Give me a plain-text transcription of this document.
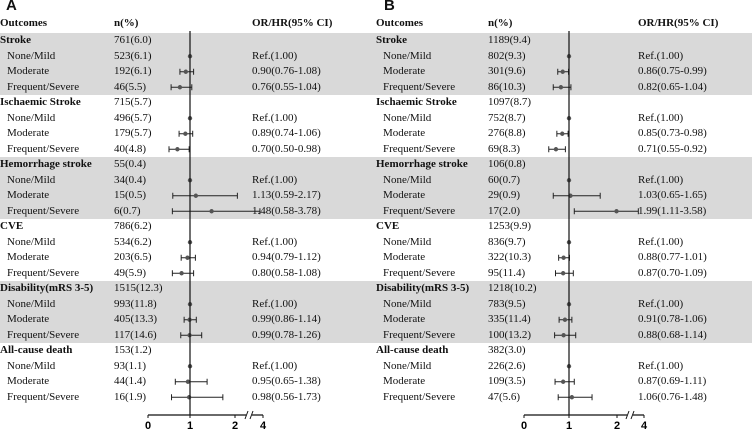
A
Outcomes	n(%)	OR/HR(95% CI)
Stroke	761(6.0)
None/Mild	523(6.1)	Ref.(1.00)
Moderate	192(6.1)	0.90(0.76-1.08)
Frequent/Severe	46(5.5)	0.76(0.55-1.04)
Ischaemic Stroke	715(5.7)
None/Mild	496(5.7)	Ref.(1.00)
Moderate	179(5.7)	0.89(0.74-1.06)
Frequent/Severe	40(4.8)	0.70(0.50-0.98)
Hemorrhage stroke 55(0.4)
None/Mild	34(0.4)	Ref.(1.00)
Moderate	15(0.5)	1.13(0.59-2.17)
Frequent/Severe	6(0.7)	1.48(0.58-3.78)
CVE	786(6.2)
None/Mild	534(6.2)	Ref.(1.00)
Moderate	203(6.5)	0.94(0.79-1.12)
Frequent/Severe	49(5.9)	0.80(0.58-1.08)
Disability(mRS 3-5) 1515(12.3)
None/Mild	993(11.8)	Ref.(1.00)
Moderate	405(13.3)	0.99(0.86-1.14)
Frequent/Severe	117(14.6)	0.99(0.78-1.26)
All-cause death	153(1.2)
None/Mild	93(1.1)	Ref.(1.00)
Moderate	44(1.4)	0.95(0.65-1.38)
Frequent/Severe	16(1.9)	0.98(0.56-1.73)
0	1	2 4
B
Outcomes	n(%)	OR/HR(95% CI)
Stroke	1189(9.4)
None/Mild	802(9.3)	Ref.(1.00)
Moderate	301(9.6)	0.86(0.75-0.99)
Frequent/Severe	86(10.3)	0.82(0.65-1.04)
Ischaemic Stroke	1097(8.7)
None/Mild	752(8.7)	Ref.(1.00)
Moderate	276(8.8)	0.85(0.73-0.98)
Frequent/Severe	69(8.3)	0.71(0.55-0.92)
Hemorrhage stroke 106(0.8)
None/Mild	60(0.7)	Ref.(1.00)
Moderate	29(0.9)	1.03(0.65-1.65)
Frequent/Severe	17(2.0)	1.99(1.11-3.58)
CVE	1253(9.9)
None/Mild	836(9.7)	Ref.(1.00)
Moderate	322(10.3)	0.88(0.77-1.01)
Frequent/Severe	95(11.4)	0.87(0.70-1.09)
Disability(mRS 3-5) 1218(10.2)
None/Mild	783(9.5)	Ref.(1.00)
Moderate	335(11.4)	0.91(0.78-1.06)
Frequent/Severe	100(13.2)	0.88(0.68-1.14)
All-cause death	382(3.0)
None/Mild	226(2.6)	Ref.(1.00)
Moderate	109(3.5)	0.87(0.69-1.11)
Frequent/Severe	47(5.6)	1.06(0.76-1.48)
0	1	2 4
